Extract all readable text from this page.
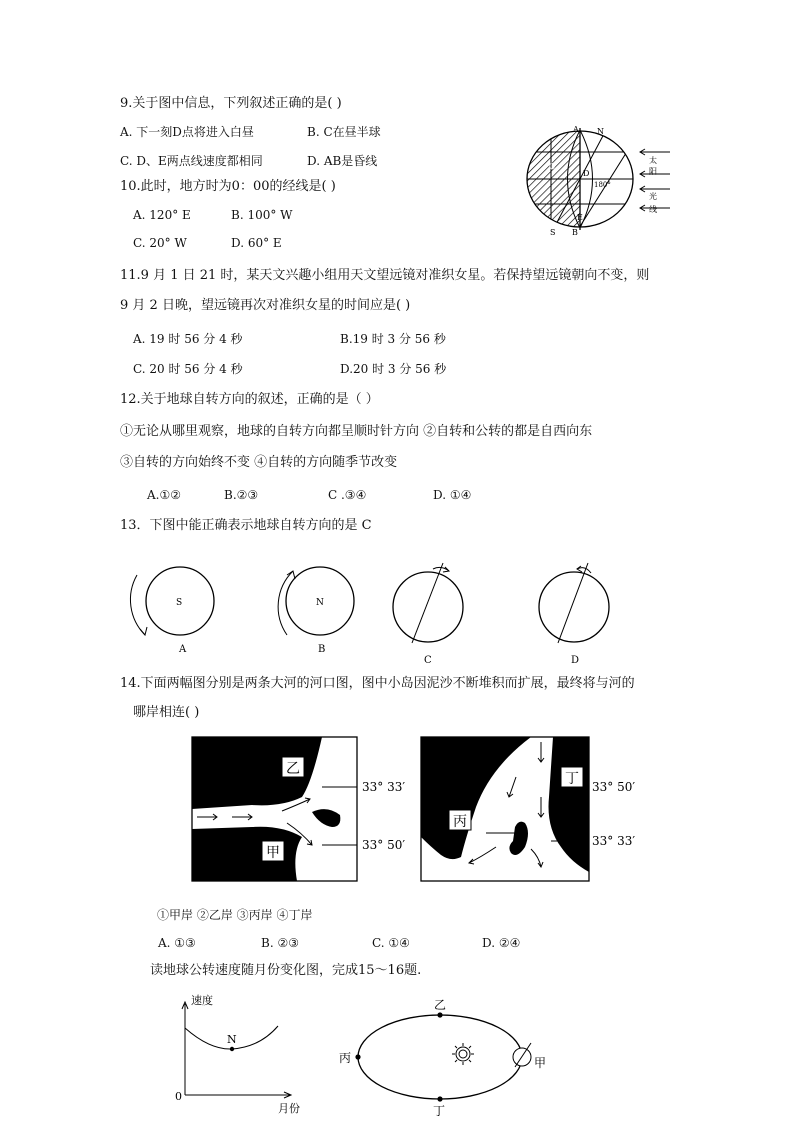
9.关于图中信息，下列叙述正确的是( )
A. 下一刻D点将进入白昼	B. C在昼半球
C. D、E两点线速度都相同	D. AB是昏线
10.此时，地方时为0：00的经线是( )
A. 120° E	B. 100° W
C. 20° W	D. 60° E
A N
C
D
180°
E
S B
太
阳
光
线
11.9 月 1 日 21 时，某天文兴趣小组用天文望远镜对准织女星。若保持望远镜朝向不变，则
9 月 2 日晚，望远镜再次对准织女星的时间应是( )
A. 19 时 56 分 4 秒	B.19 时 3 分 56 秒
C. 20 时 56 分 4 秒	D.20 时 3 分 56 秒
12.关于地球自转方向的叙述，正确的是（ ）
①无论从哪里观察，地球的自转方向都呈顺时针方向 ②自转和公转的都是自西向东
③自转的方向始终不变 ④自转的方向随季节改变
A.①②	B.②③	C .③④	D. ①④
13．下图中能正确表示地球自转方向的是 C
S
A
N
B
C	D
14.下面两幅图分别是两条大河的河口图，图中小岛因泥沙不断堆积而扩展，最终将与河的
哪岸相连( )
乙
甲
33° 33′
33° 50′
丙
丁 33° 50′
33° 33′
①甲岸 ②乙岸 ③丙岸 ④丁岸
A. ①③	B. ②③	C. ①④	D. ②④
读地球公转速度随月份变化图，完成15～16题.
速度
0
月份
N
乙
丙
丁
甲
